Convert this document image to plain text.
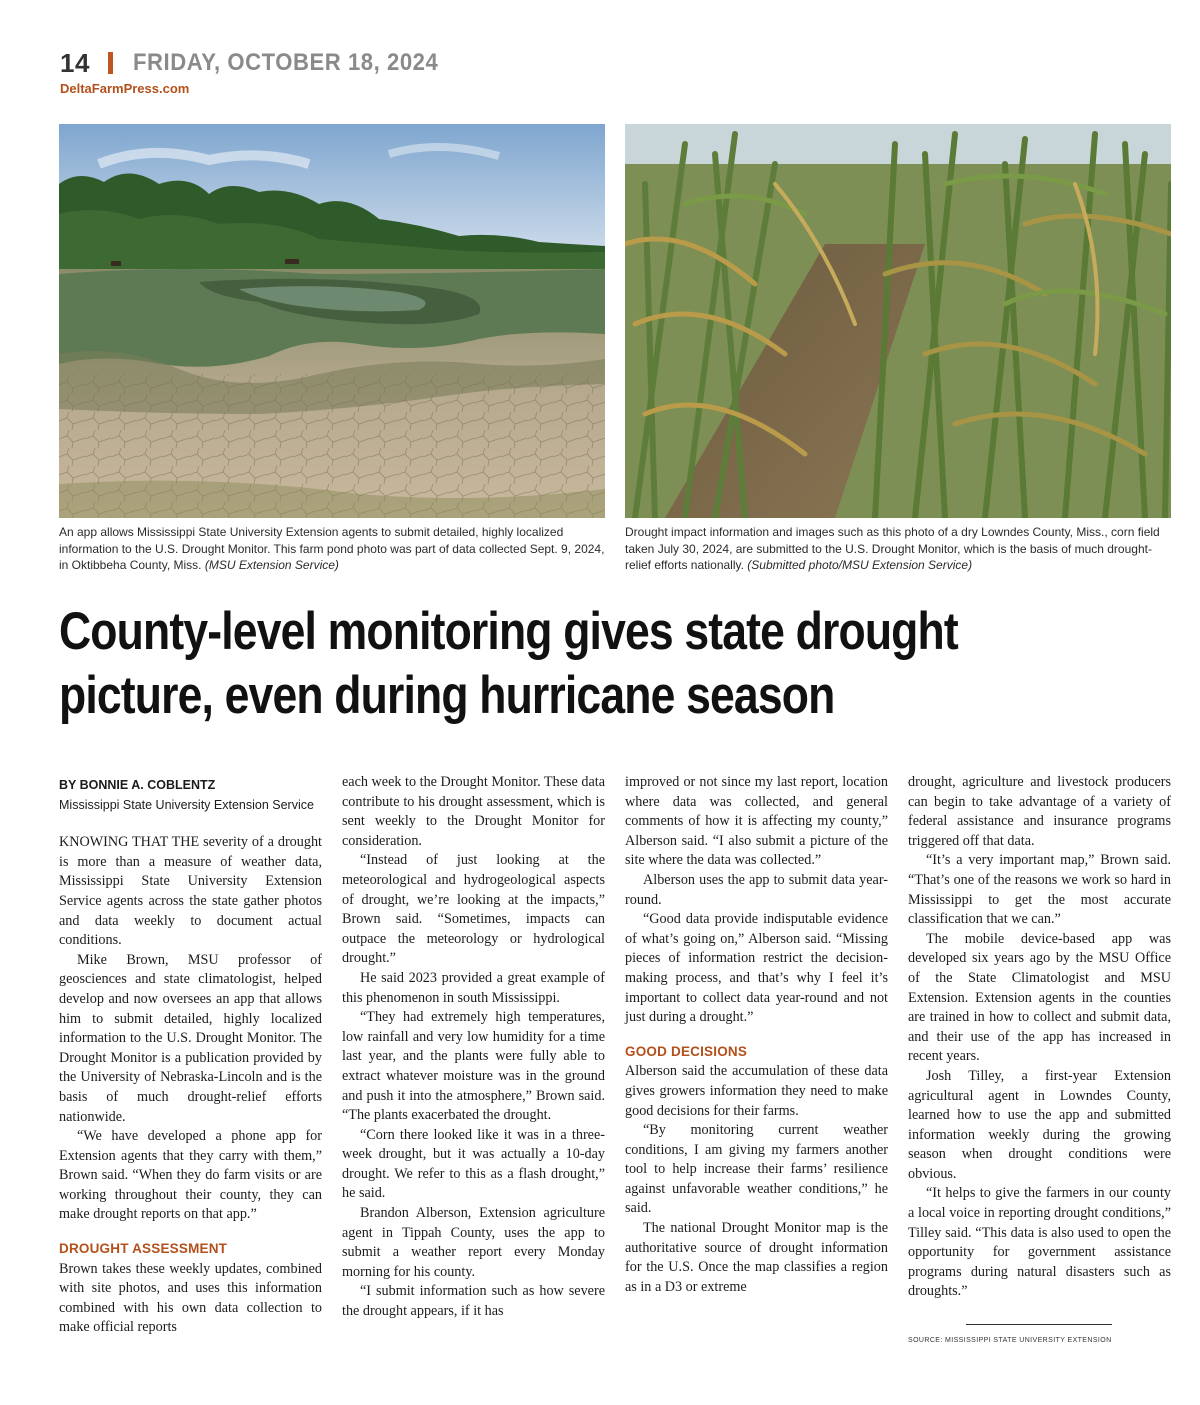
14 FRIDAY, OCTOBER 18, 2024
DeltaFarmPress.com
An app allows Mississippi State University Extension agents to submit detailed, highly localized information to the U.S. Drought Monitor. This farm pond photo was part of data collected Sept. 9, 2024, in Oktibbeha County, Miss. (MSU Extension Service)
Drought impact information and images such as this photo of a dry Lowndes County, Miss., corn field taken July 30, 2024, are submitted to the U.S. Drought Monitor, which is the basis of much drought-relief efforts nationally. (Submitted photo/MSU Extension Service)
County-level monitoring gives state drought
picture, even during hurricane season
BY BONNIE A. COBLENTZ
Mississippi State University Extension Service

KNOWING THAT THE severity of a drought is more than a measure of weather data, Mississippi State University Extension Service agents across the state gather photos and data weekly to document actual conditions.

Mike Brown, MSU professor of geosciences and state climatologist, helped develop and now oversees an app that allows him to submit detailed, highly localized information to the U.S. Drought Monitor. The Drought Monitor is a publication provided by the University of Nebraska-Lincoln and is the basis of much drought-relief efforts nationwide.

“We have developed a phone app for Extension agents that they carry with them,” Brown said. “When they do farm visits or are working throughout their county, they can make drought reports on that app.”

DROUGHT ASSESSMENT

Brown takes these weekly updates, combined with site photos, and uses this information combined with his own data collection to make official reports

each week to the Drought Monitor. These data contribute to his drought assessment, which is sent weekly to the Drought Monitor for consideration.

“Instead of just looking at the meteorological and hydrogeological aspects of drought, we’re looking at the impacts,” Brown said. “Sometimes, impacts can outpace the meteorology or hydrological drought.”

He said 2023 provided a great example of this phenomenon in south Mississippi.

“They had extremely high temperatures, low rainfall and very low humidity for a time last year, and the plants were fully able to extract whatever moisture was in the ground and push it into the atmosphere,” Brown said. “The plants exacerbated the drought.

“Corn there looked like it was in a three-week drought, but it was actually a 10-day drought. We refer to this as a flash drought,” he said.

Brandon Alberson, Extension agriculture agent in Tippah County, uses the app to submit a weather report every Monday morning for his county.

“I submit information such as how severe the drought appears, if it has

improved or not since my last report, location where data was collected, and general comments of how it is affecting my county,” Alberson said. “I also submit a picture of the site where the data was collected.”

Alberson uses the app to submit data year-round.

“Good data provide indisputable evidence of what’s going on,” Alberson said. “Missing pieces of information restrict the decision-making process, and that’s why I feel it’s important to collect data year-round and not just during a drought.”

GOOD DECISIONS

Alberson said the accumulation of these data gives growers information they need to make good decisions for their farms.

“By monitoring current weather conditions, I am giving my farmers another tool to help increase their farms’ resilience against unfavorable weather conditions,” he said.

The national Drought Monitor map is the authoritative source of drought information for the U.S. Once the map classifies a region as in a D3 or extreme

drought, agriculture and livestock producers can begin to take advantage of a variety of federal assistance and insurance programs triggered off that data.

“It’s a very important map,” Brown said. “That’s one of the reasons we work so hard in Mississippi to get the most accurate classification that we can.”

The mobile device-based app was developed six years ago by the MSU Office of the State Climatologist and MSU Extension. Extension agents in the counties are trained in how to collect and submit data, and their use of the app has increased in recent years.

Josh Tilley, a first-year Extension agricultural agent in Lowndes County, learned how to use the app and submitted information weekly during the growing season when drought conditions were obvious.

“It helps to give the farmers in our county a local voice in reporting drought conditions,” Tilley said. “This data is also used to open the opportunity for government assistance programs during natural disasters such as droughts.”

SOURCE: MISSISSIPPI STATE UNIVERSITY EXTENSION
